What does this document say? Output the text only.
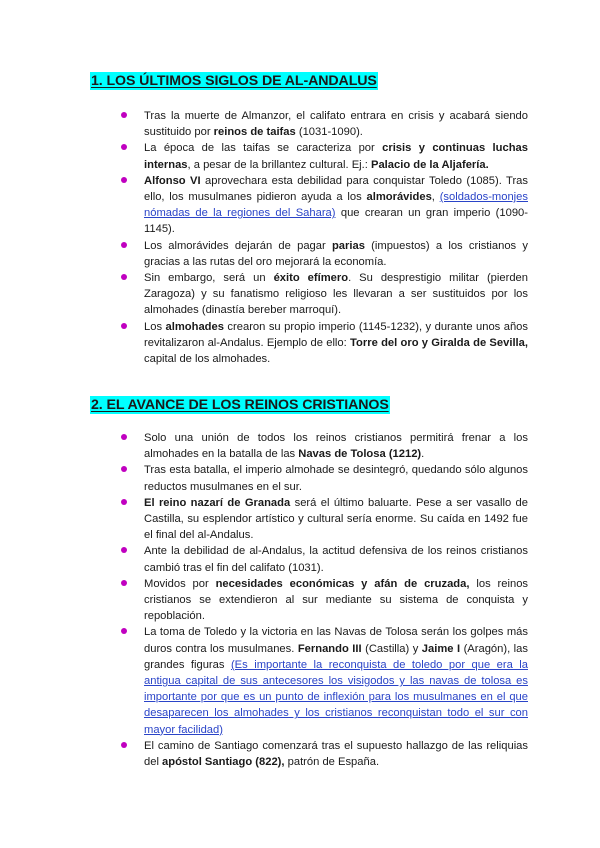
1. LOS ÚLTIMOS SIGLOS DE AL-ANDALUS
Tras la muerte de Almanzor, el califato entrara en crisis y acabará siendo sustituido por reinos de taifas (1031-1090).
La época de las taifas se caracteriza por crisis y continuas luchas internas, a pesar de la brillantez cultural. Ej.: Palacio de la Aljafería.
Alfonso VI aprovechara esta debilidad para conquistar Toledo (1085). Tras ello, los musulmanes pidieron ayuda a los almorávides, (soldados-monjes nómadas de la regiones del Sahara) que crearan un gran imperio (1090-1145).
Los almorávides dejarán de pagar parias (impuestos) a los cristianos y gracias a las rutas del oro mejorará la economía.
Sin embargo, será un éxito efímero. Su desprestigio militar (pierden Zaragoza) y su fanatismo religioso les llevaran a ser sustituidos por los almohades (dinastía bereber marroquí).
Los almohades crearon su propio imperio (1145-1232), y durante unos años revitalizaron al-Andalus. Ejemplo de ello: Torre del oro y Giralda de Sevilla, capital de los almohades.
2. EL AVANCE DE LOS REINOS CRISTIANOS
Solo una unión de todos los reinos cristianos permitirá frenar a los almohades en la batalla de las Navas de Tolosa (1212).
Tras esta batalla, el imperio almohade se desintegró, quedando sólo algunos reductos musulmanes en el sur.
El reino nazarí de Granada será el último baluarte. Pese a ser vasallo de Castilla, su esplendor artístico y cultural sería enorme. Su caída en 1492 fue el final del al-Andalus.
Ante la debilidad de al-Andalus, la actitud defensiva de los reinos cristianos cambió tras el fin del califato (1031).
Movidos por necesidades económicas y afán de cruzada, los reinos cristianos se extendieron al sur mediante su sistema de conquista y repoblación.
La toma de Toledo y la victoria en las Navas de Tolosa serán los golpes más duros contra los musulmanes. Fernando III (Castilla) y Jaime I (Aragón), las grandes figuras (Es importante la reconquista de toledo por que era la antigua capital de sus antecesores los visigodos y las navas de tolosa es importante por que es un punto de inflexión para los musulmanes en el que desaparecen los almohades y los cristianos reconquistan todo el sur con mayor facilidad)
El camino de Santiago comenzará tras el supuesto hallazgo de las reliquias del apóstol Santiago (822), patrón de España.
